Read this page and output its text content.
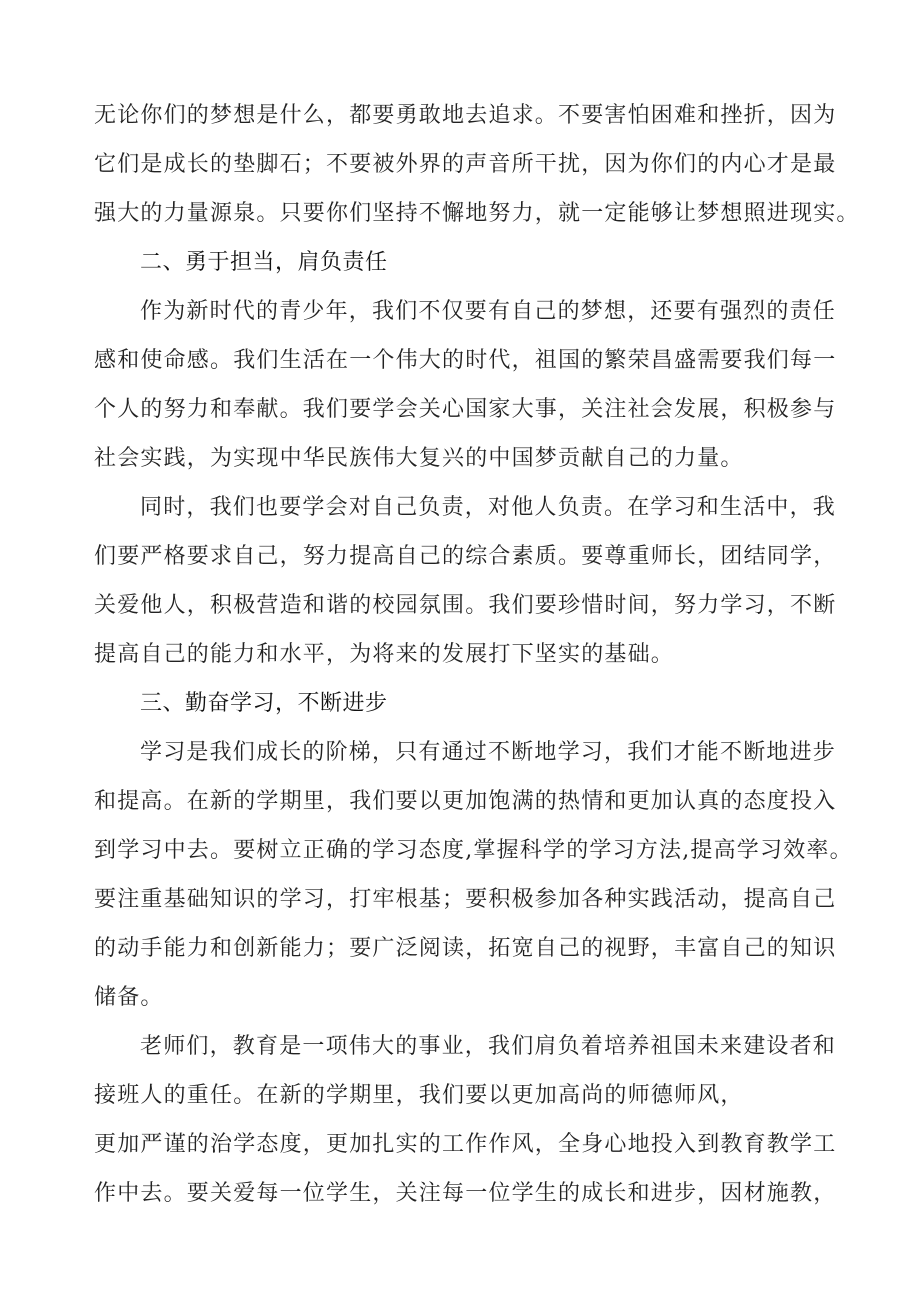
无论你们的梦想是什么，都要勇敢地去追求。不要害怕困难和挫折，因为
它们是成长的垫脚石；不要被外界的声音所干扰，因为你们的内心才是最
强大的力量源泉。只要你们坚持不懈地努力，就一定能够让梦想照进现实。
二、勇于担当，肩负责任
作为新时代的青少年，我们不仅要有自己的梦想，还要有强烈的责任
感和使命感。我们生活在一个伟大的时代，祖国的繁荣昌盛需要我们每一
个人的努力和奉献。我们要学会关心国家大事，关注社会发展，积极参与
社会实践，为实现中华民族伟大复兴的中国梦贡献自己的力量。
同时，我们也要学会对自己负责，对他人负责。在学习和生活中，我
们要严格要求自己，努力提高自己的综合素质。要尊重师长，团结同学，
关爱他人，积极营造和谐的校园氛围。我们要珍惜时间，努力学习，不断
提高自己的能力和水平，为将来的发展打下坚实的基础。
三、勤奋学习，不断进步
学习是我们成长的阶梯，只有通过不断地学习，我们才能不断地进步
和提高。在新的学期里，我们要以更加饱满的热情和更加认真的态度投入
到学习中去。要树立正确的学习态度,掌握科学的学习方法,提高学习效率。
要注重基础知识的学习，打牢根基；要积极参加各种实践活动，提高自己
的动手能力和创新能力；要广泛阅读，拓宽自己的视野，丰富自己的知识
储备。
老师们，教育是一项伟大的事业，我们肩负着培养祖国未来建设者和
接班人的重任。在新的学期里，我们要以更加高尚的师德师风，
更加严谨的治学态度，更加扎实的工作作风，全身心地投入到教育教学工
作中去。要关爱每一位学生，关注每一位学生的成长和进步，因材施教，
